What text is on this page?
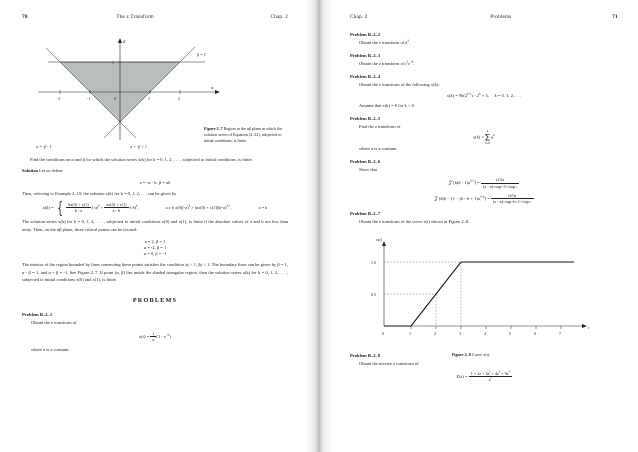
70	The z Transform	Chap. 2
-2	-1	0	1	2
1
β
α
β = 1
α = -β - 1	α = -β + 1
Figure 2–7 Region in the αβ plane in which the solution series of Equation (2–32), subjected to initial conditions, is finite.

Find the conditions on α and β for which the solution series x(k) for k = 0, 1, 2, . . . , subjected to initial conditions, is finite.

Solution Let us define

a = -α - b, β = ab

Then, referring to Example 2–19, the solution x(k) for k = 0, 1, 2, . . . can be given by

x(k) = { $\frac{bx(0) + x(1)}{b - a} (-a)^k + \frac{ax(0) + x(1)}{a - b} (-b)^k$,	a ≠ b $x(0)(-a)^k + [ax(0) + x(1)]k(-a)^{k-1}$,	a = b

The solution series x(k) for k = 0, 1, 2, . . . , subjected to initial conditions x(0) and x(1), is finite if the absolute values of a and b are less than unity. Then, on the αβ plane, three critical points can be located:

a = 2, β = 1
α = -2, β = 1
α = 0, β = -1

The interior of the region bounded by lines connecting these points satisfies the condition |a| < 1, |b| < 1. The boundary lines can be given by β = 1, α - β = 1, and α + β = -1. See Figure 2–7. If point (α, β) lies inside the shaded triangular region, then the solution series x(k) for k = 0, 1, 2, . . . , subjected to initial conditions x(0) and x(1), is finite.

PROBLEMS
Problem B–2–1
Obtain the z transform of
$x(t) = \frac{1}{a} (1 - e^{-at})$
where a is a constant.
Chap. 2	Problems	71
Problem B–2–2
Obtain the z transform of $k^3$.
Problem B–2–3
Obtain the z transform of $t^2e^{-at}$.
Problem B–2–4
Obtain the z transform of the following x(k):
$x(k) = 9k(2^{k-1}) - 2^k + 3$,     k = 0, 1, 2, . . .
Assume that x(k) = 0 for k < 0.
Problem B–2–5
Find the z transform of
x(k) = ∑
k
h=0
$a^h$
where a is a constant.
Problem B–2–6
Show that
𝒵 $[k(k - 1)a^{k-2}] = \frac{(2!)z}{\text{(z - a)<sup>3</sup>}}$
𝒵 $[k(k - 1)\cdot\cdot\cdot (k - h + 1)a^{k-h}] = \frac{(h!)z}{\text{(z - a)<sup>h+1</sup>}}$
Problem B–2–7
Obtain the z transform of the curve x(t) shown in Figure 2–8.
0	1	2	3	4	5	6	7
1.0
0.5
x(t)
t
Figure 2–8 Curve x(t).
Problem B–2–8
Obtain the inverse z transform of
$X(z) = \frac{1 + 2z + 3z^2 + 4z^3 + 9z^4}{z^5}$
